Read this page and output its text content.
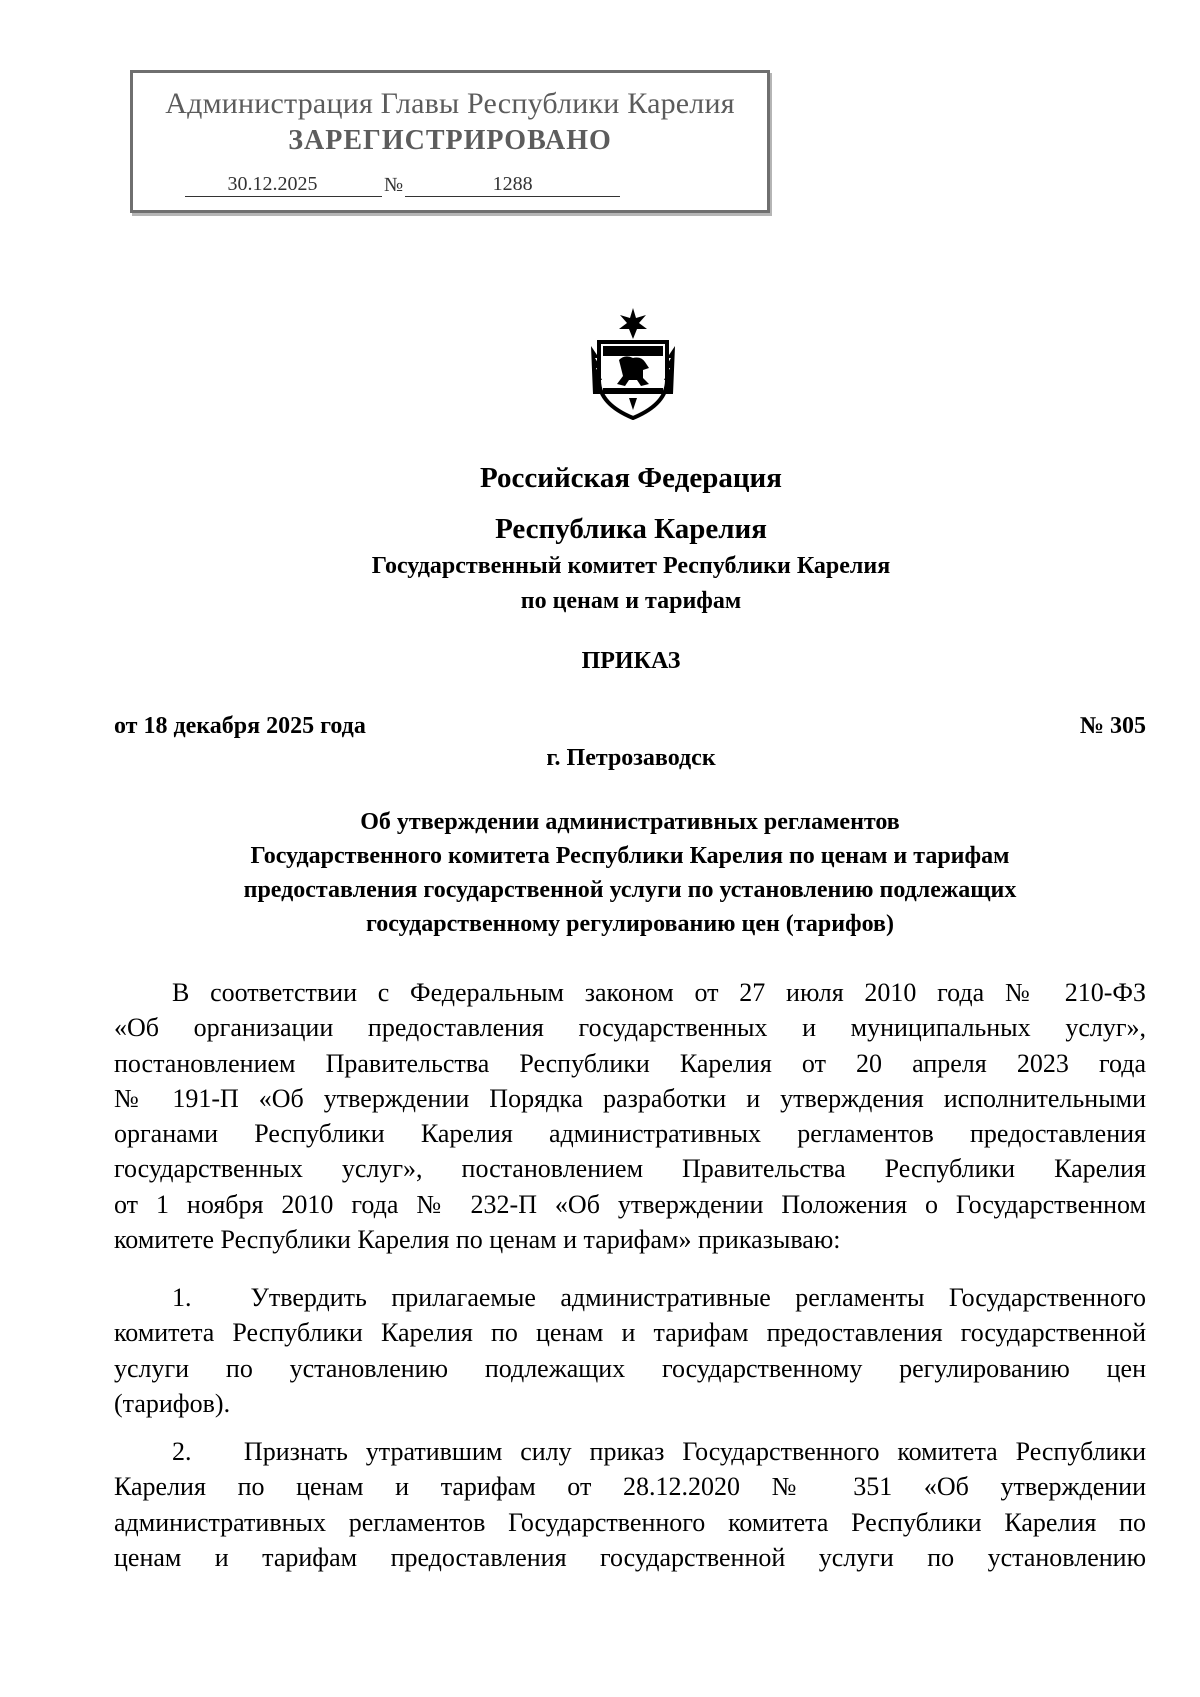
Администрация Главы Республики Карелия
ЗАРЕГИСТРИРОВАНО
30.12.2025	№	1288
Российская Федерация
Республика Карелия
Государственный комитет Республики Карелия
по ценам и тарифам
ПРИКАЗ
от 18 декабря 2025 года	№ 305
г. Петрозаводск
Об утверждении административных регламентов
Государственного комитета Республики Карелия по ценам и тарифам
предоставления государственной услуги по установлению подлежащих
государственному регулированию цен (тарифов)
В соответствии с Федеральным законом от 27 июля 2010 года № 210-ФЗ
«Об организации предоставления государственных и муниципальных услуг»,
постановлением Правительства Республики Карелия от 20 апреля 2023 года
№ 191-П «Об утверждении Порядка разработки и утверждения исполнительными
органами Республики Карелия административных регламентов предоставления
государственных услуг», постановлением Правительства Республики Карелия
от 1 ноября 2010 года № 232-П «Об утверждении Положения о Государственном
комитете Республики Карелия по ценам и тарифам» приказываю:
1. Утвердить прилагаемые административные регламенты Государственного
комитета Республики Карелия по ценам и тарифам предоставления государственной
услуги по установлению подлежащих государственному регулированию цен
(тарифов).
2. Признать утратившим силу приказ Государственного комитета Республики
Карелия по ценам и тарифам от 28.12.2020 № 351 «Об утверждении
административных регламентов Государственного комитета Республики Карелия по
ценам и тарифам предоставления государственной услуги по установлению
